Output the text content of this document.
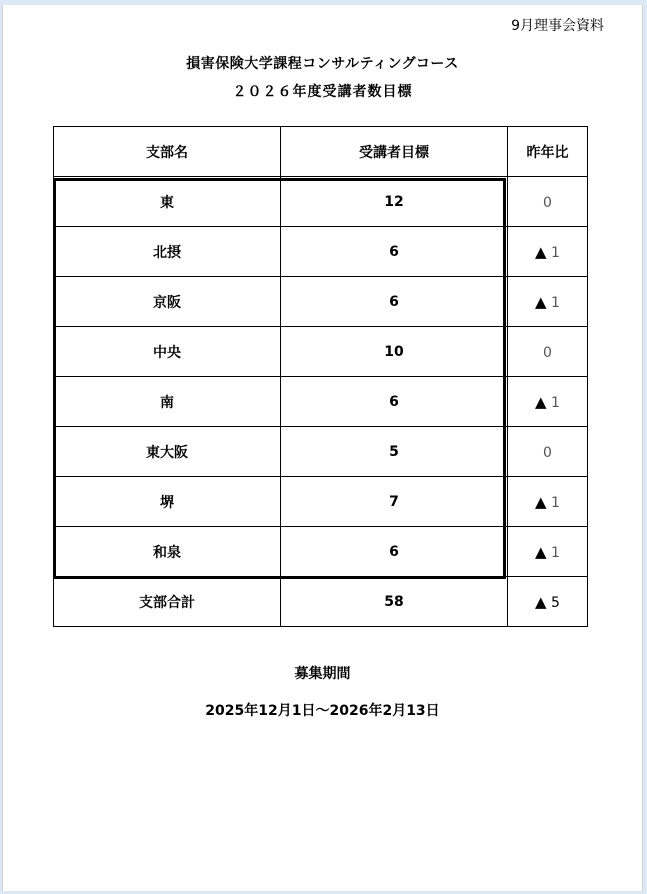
9月理事会資料
損害保険大学課程コンサルティングコース
２０２６年度受講者数目標
支部名	受講者目標	昨年比
東	12	0
北摂	6	▲ 1
京阪	6	▲ 1
中央	10	0
南	6	▲ 1
東大阪	5	0
堺	7	▲ 1
和泉	6	▲ 1
支部合計	58	▲ 5
募集期間
2025年12月1日～2026年2月13日
